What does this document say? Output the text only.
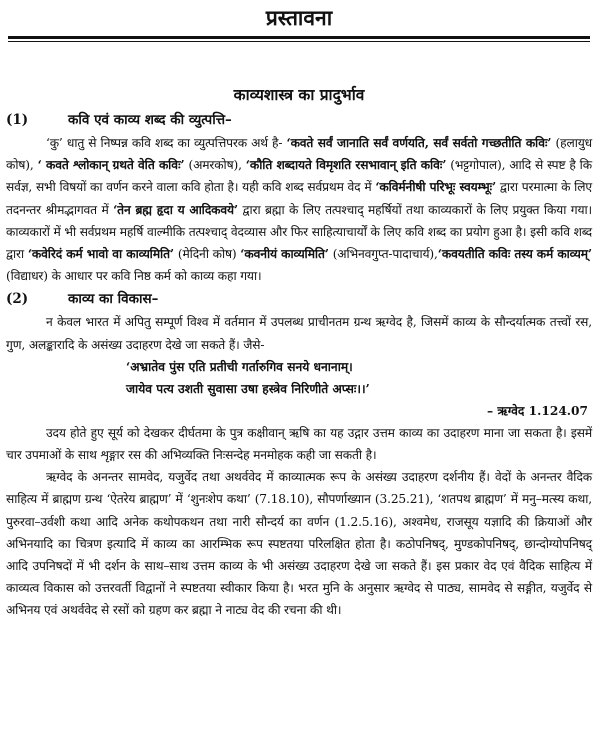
प्रस्तावना
काव्यशास्त्र का प्रादुर्भाव
(1)	कवि एवं काव्य शब्द की व्युत्पत्ति–

‘कु’ धातु से निष्पन्न कवि शब्द का व्युत्पत्तिपरक अर्थ है- ‘कवते सर्वं जानाति सर्वं वर्णयति, सर्वं सर्वतो गच्छतीति कविः’ (हलायुध कोष), ‘ कवते श्लोकान् ग्रथते वेति कविः’ (अमरकोष), ‘कौति शब्दायते विमृशति रसभावान् इति कविः’ (भट्टगोपाल), आदि से स्पष्ट है कि सर्वज्ञ, सभी विषयों का वर्णन करने वाला कवि होता है। यही कवि शब्द सर्वप्रथम वेद में ‘कविर्मनीषी परिभूः स्वयम्भूः’ द्वारा परमात्मा के लिए तदनन्तर श्रीमद्भागवत में ‘तेन ब्रह्म हृदा य आदिकवये’ द्वारा ब्रह्मा के लिए तत्पश्चाद् महर्षियों तथा काव्यकारों के लिए प्रयुक्त किया गया। काव्यकारों में भी सर्वप्रथम महर्षि वाल्मीकि तत्पश्चाद् वेदव्यास और फिर साहित्याचार्यों के लिए कवि शब्द का प्रयोग हुआ है। इसी कवि शब्द द्वारा ‘कवेरिदं कर्म भावो वा काव्यमिति’ (मेदिनी कोष) ‘कवनीयं काव्यमिति’ (अभिनवगुप्त-पादाचार्य),‘कवयतीति कविः तस्य कर्म काव्यम्’ (विद्याधर) के आधार पर कवि निष्ठ कर्म को काव्य कहा गया।

(2)	काव्य का विकास–

न केवल भारत में अपितु सम्पूर्ण विश्व में वर्तमान में उपलब्ध प्राचीनतम ग्रन्थ ऋग्वेद है, जिसमें काव्य के सौन्दर्यात्मक तत्त्वों रस, गुण, अलङ्कारादि के असंख्य उदाहरण देखे जा सकते हैं। जैसे-

‘अभ्रातेव पुंस एति प्रतीची गर्तारुगिव सनये धनानाम्।

जायेव पत्य उशती सुवासा उषा हस्त्रेव निरिणीते अप्सः।।’

– ऋग्वेद 1.124.07

उदय होते हुए सूर्य को देखकर दीर्घतमा के पुत्र कक्षीवान् ऋषि का यह उद्गार उत्तम काव्य का उदाहरण माना जा सकता है। इसमें चार उपमाओं के साथ शृङ्गार रस की अभिव्यक्ति निःसन्देह मनमोहक कही जा सकती है।

ऋग्वेद के अनन्तर सामवेद, यजुर्वेद तथा अथर्ववेद में काव्यात्मक रूप के असंख्य उदाहरण दर्शनीय हैं। वेदों के अनन्तर वैदिक साहित्य में ब्राह्मण ग्रन्थ ‘ऐतरेय ब्राह्मण’ में ‘शुनःशेप कथा’ (7.18.10), सौपर्णाख्यान (3.25.21), ‘शतपथ ब्राह्मण’ में मनु–मत्स्य कथा, पुरुरवा–उर्वशी कथा आदि अनेक कथोपकथन तथा नारी सौन्दर्य का वर्णन (1.2.5.16), अश्वमेध, राजसूय यज्ञादि की क्रियाओं और अभिनयादि का चित्रण इत्यादि में काव्य का आरम्भिक रूप स्पष्टतया परिलक्षित होता है। कठोपनिषद्, मुण्डकोपनिषद्, छान्दोग्योपनिषद् आदि उपनिषदों में भी दर्शन के साथ–साथ उत्तम काव्य के भी असंख्य उदाहरण देखे जा सकते हैं। इस प्रकार वेद एवं वैदिक साहित्य में काव्यत्व विकास को उत्तरवर्ती विद्वानों ने स्पष्टतया स्वीकार किया है। भरत मुनि के अनुसार ऋग्वेद से पाठ्य, सामवेद से सङ्गीत, यजुर्वेद से अभिनय एवं अथर्ववेद से रसों को ग्रहण कर ब्रह्मा ने नाट्य वेद की रचना की थी।
